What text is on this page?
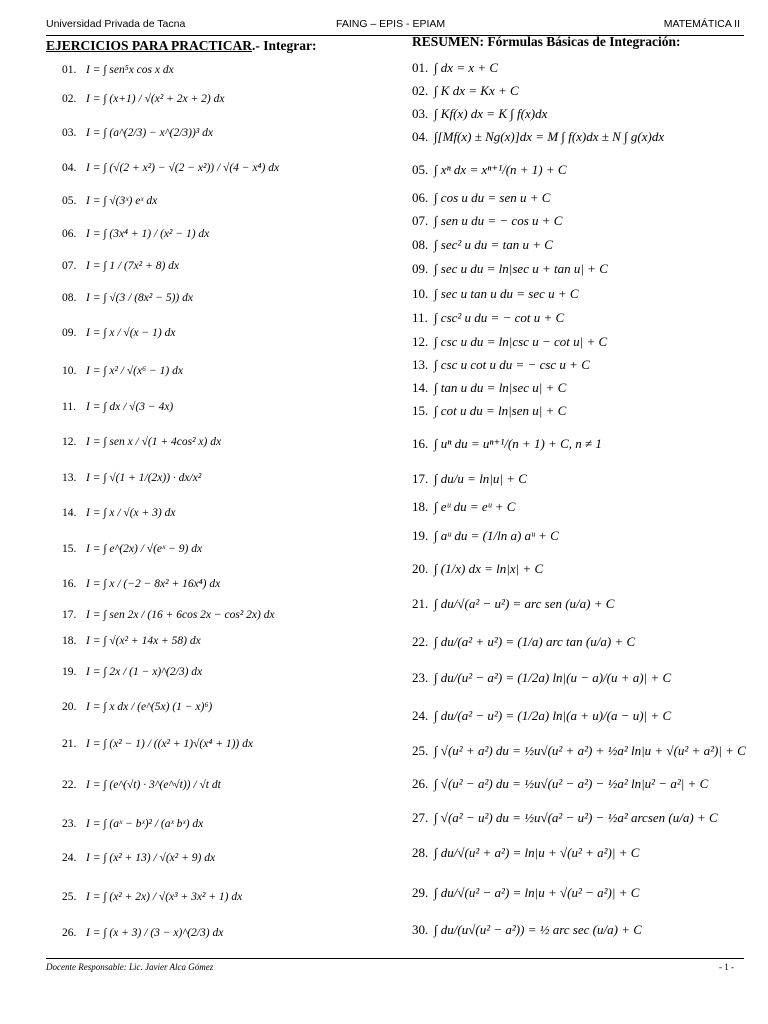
Universidad Privada de Tacna	FAING – EPIS - EPIAM	MATEMÁTICA II
EJERCICIOS PARA PRACTICAR.- Integrar:
01. I = ∫ sen⁵x cos x dx
02. I = ∫ (x+1) / √(x² + 2x + 2) dx
03. I = ∫ (a^(2/3) − x^(2/3))³ dx
04. I = ∫ (√(2 + x²) − √(2 − x²)) / √(4 − x⁴) dx
05. I = ∫ √(3ˣ) eˣ dx
06. I = ∫ (3x⁴ + 1) / (x² − 1) dx
07. I = ∫ 1 / (7x² + 8) dx
08. I = ∫ √(3 / (8x² − 5)) dx
09. I = ∫ x / √(x − 1) dx
10. I = ∫ x² / √(x⁶ − 1) dx
11. I = ∫ dx / √(3 − 4x)
12. I = ∫ sen x / √(1 + 4cos² x) dx
13. I = ∫ √(1 + 1/(2x)) · dx/x²
14. I = ∫ x / √(x + 3) dx
15. I = ∫ e^(2x) / √(eˣ − 9) dx
16. I = ∫ x / (−2 − 8x² + 16x⁴) dx
17. I = ∫ sen 2x / (16 + 6cos 2x − cos² 2x) dx
18. I = ∫ √(x² + 14x + 58) dx
19. I = ∫ 2x / (1 − x)^(2/3) dx
20. I = ∫ x dx / (e^(5x) (1 − x)⁶)
21. I = ∫ (x² − 1) / ((x² + 1)√(x⁴ + 1)) dx
22. I = ∫ (e^(√t) · 3^(e^√t)) / √t dt
23. I = ∫ (aˣ − bˣ)² / (aˣ bˣ) dx
24. I = ∫ (x² + 13) / √(x² + 9) dx
25. I = ∫ (x² + 2x) / √(x³ + 3x² + 1) dx
26. I = ∫ (x + 3) / (3 − x)^(2/3) dx
RESUMEN: Fórmulas Básicas de Integración:
01. ∫ dx = x + C
02. ∫ K dx = Kx + C
03. ∫ Kf(x) dx = K ∫ f(x)dx
04. ∫[Mf(x) ± Ng(x)]dx = M ∫ f(x)dx ± N ∫ g(x)dx
05. ∫ xⁿ dx = xⁿ⁺¹/(n + 1) + C
06. ∫ cos u du = sen u + C
07. ∫ sen u du = − cos u + C
08. ∫ sec² u du = tan u + C
09. ∫ sec u du = ln|sec u + tan u| + C
10. ∫ sec u tan u du = sec u + C
11. ∫ csc² u du = − cot u + C
12. ∫ csc u du = ln|csc u − cot u| + C
13. ∫ csc u cot u du = − csc u + C
14. ∫ tan u du = ln|sec u| + C
15. ∫ cot u du = ln|sen u| + C
16. ∫ uⁿ du = uⁿ⁺¹/(n + 1) + C, n ≠ 1
17. ∫ du/u = ln|u| + C
18. ∫ eᵘ du = eᵘ + C
19. ∫ aᵘ du = (1/ln a) aᵘ + C
20. ∫ (1/x) dx = ln|x| + C
21. ∫ du/√(a² − u²) = arc sen (u/a) + C
22. ∫ du/(a² + u²) = (1/a) arc tan (u/a) + C
23. ∫ du/(u² − a²) = (1/2a) ln|(u − a)/(u + a)| + C
24. ∫ du/(a² − u²) = (1/2a) ln|(a + u)/(a − u)| + C
25. ∫ √(u² + a²) du = ½u√(u² + a²) + ½a² ln|u + √(u² + a²)| + C
26. ∫ √(u² − a²) du = ½u√(u² − a²) − ½a² ln|u² − a²| + C
27. ∫ √(a² − u²) du = ½u√(a² − u²) − ½a² arcsen (u/a) + C
28. ∫ du/√(u² + a²) = ln|u + √(u² + a²)| + C
29. ∫ du/√(u² − a²) = ln|u + √(u² − a²)| + C
30. ∫ du/(u√(u² − a²)) = ½ arc sec (u/a) + C
Docente Responsable: Lic. Javier Alca Gómez	- 1 -
